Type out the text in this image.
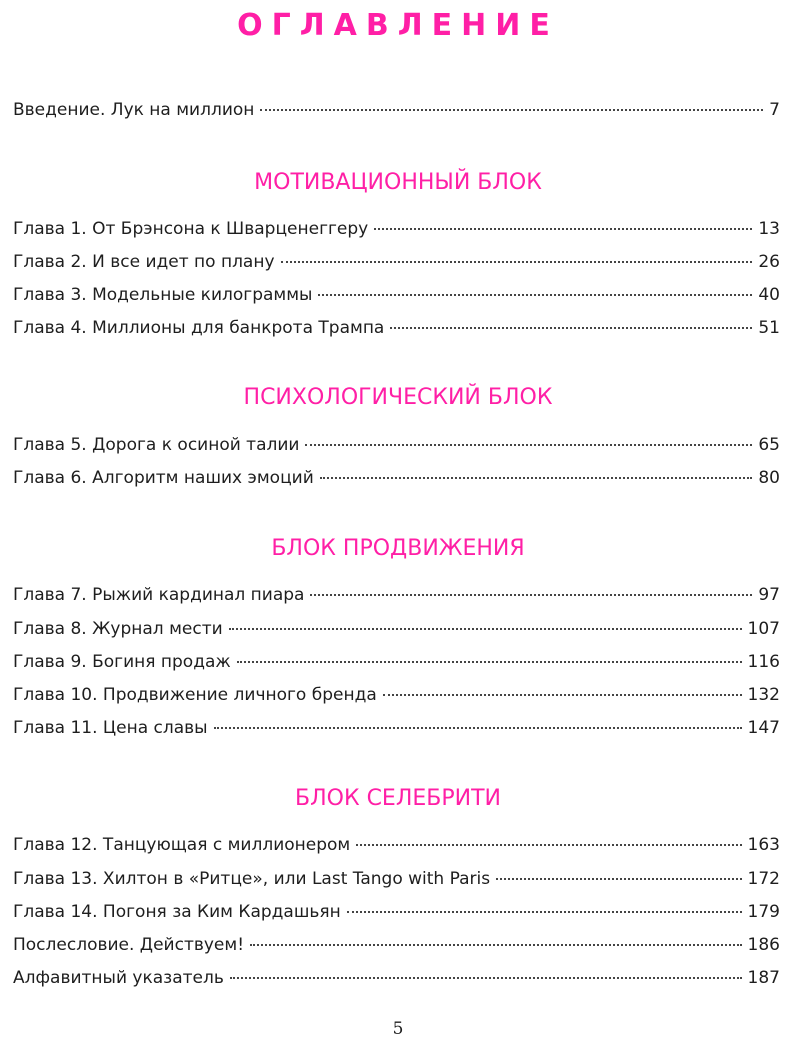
ОГЛАВЛЕНИЕ
Введение. Лук на миллион	7
МОТИВАЦИОННЫЙ БЛОК
Глава 1. От Брэнсона к Шварценеггеру	13
Глава 2. И все идет по плану	26
Глава 3. Модельные килограммы	40
Глава 4. Миллионы для банкрота Трампа	51
ПСИХОЛОГИЧЕСКИЙ БЛОК
Глава 5. Дорога к осиной талии	65
Глава 6. Алгоритм наших эмоций	80
БЛОК ПРОДВИЖЕНИЯ
Глава 7. Рыжий кардинал пиара	97
Глава 8. Журнал мести	107
Глава 9. Богиня продаж	116
Глава 10. Продвижение личного бренда	132
Глава 11. Цена славы	147
БЛОК СЕЛЕБРИТИ
Глава 12. Танцующая с миллионером	163
Глава 13. Хилтон в «Ритце», или Last Tango with Paris	172
Глава 14. Погоня за Ким Кардашьян	179
Послесловие. Действуем!	186
Алфавитный указатель	187
5
